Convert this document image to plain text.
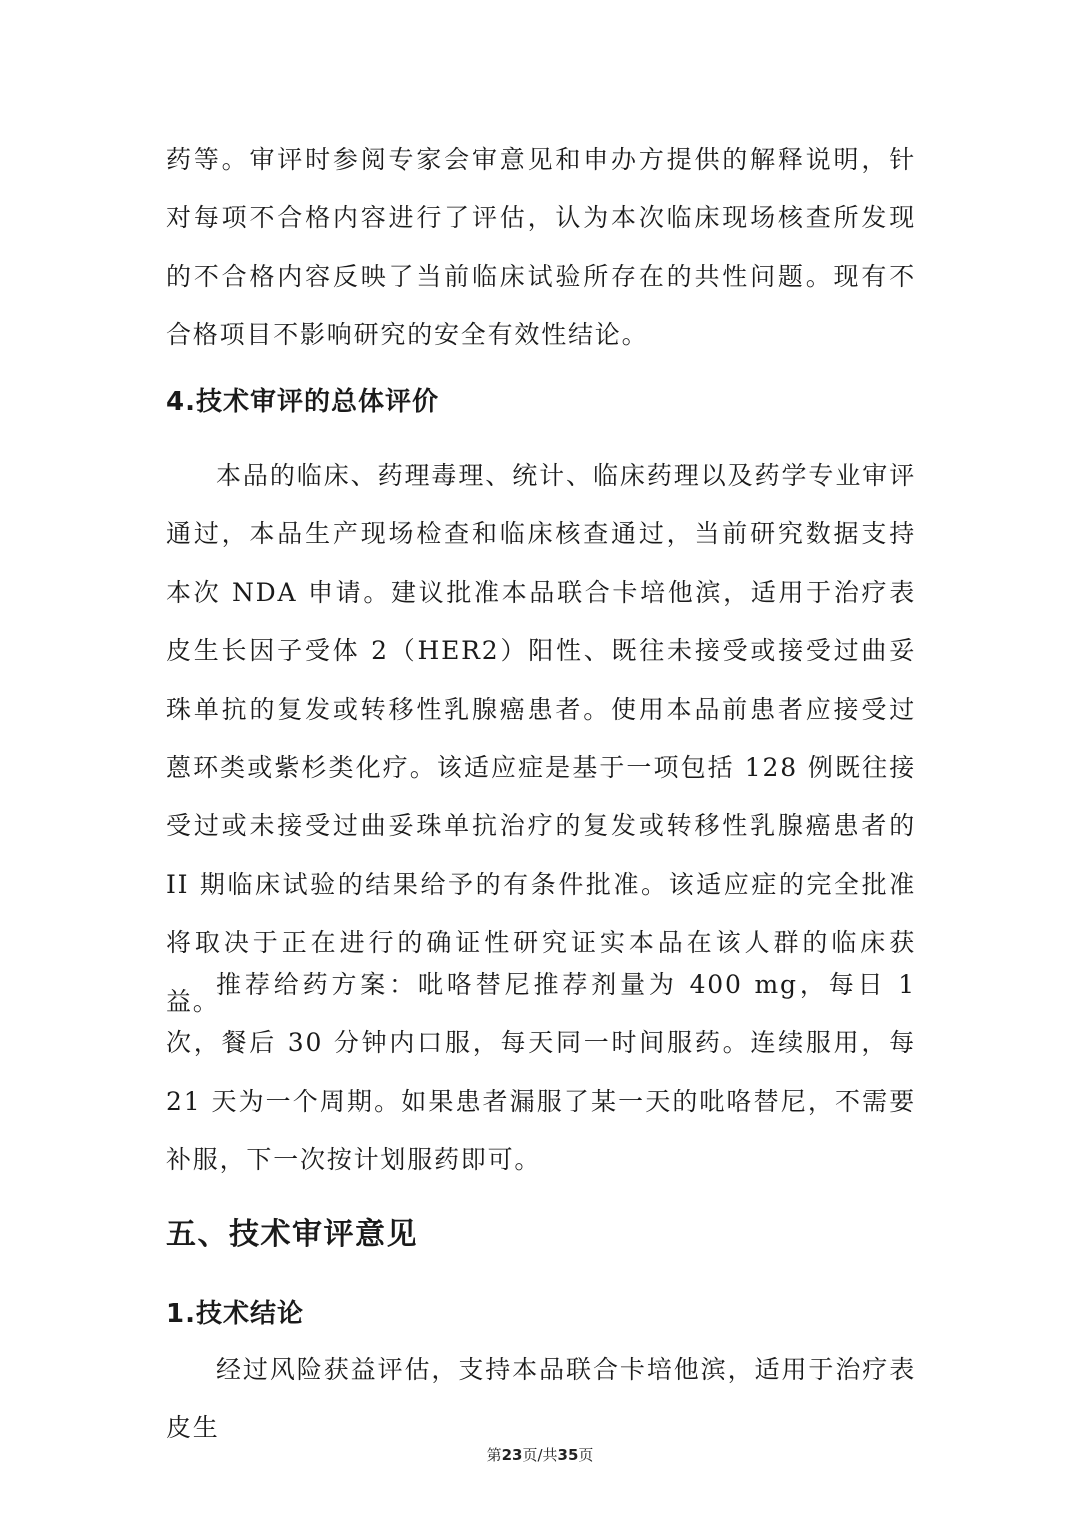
药等。审评时参阅专家会审意见和申办方提供的解释说明，针对每项不合格内容进行了评估，认为本次临床现场核查所发现的不合格内容反映了当前临床试验所存在的共性问题。现有不合格项目不影响研究的安全有效性结论。

4.技术审评的总体评价

本品的临床、药理毒理、统计、临床药理以及药学专业审评通过，本品生产现场检查和临床核查通过，当前研究数据支持本次 NDA 申请。建议批准本品联合卡培他滨，适用于治疗表皮生长因子受体 2（HER2）阳性、既往未接受或接受过曲妥珠单抗的复发或转移性乳腺癌患者。使用本品前患者应接受过蒽环类或紫杉类化疗。该适应症是基于一项包括 128 例既往接受过或未接受过曲妥珠单抗治疗的复发或转移性乳腺癌患者的 II 期临床试验的结果给予的有条件批准。该适应症的完全批准将取决于正在进行的确证性研究证实本品在该人群的临床获益。

推荐给药方案：吡咯替尼推荐剂量为 400 mg，每日 1 次，餐后 30 分钟内口服，每天同一时间服药。连续服用，每 21 天为一个周期。如果患者漏服了某一天的吡咯替尼，不需要补服，下一次按计划服药即可。

五、技术审评意见
1.技术结论

经过风险获益评估，支持本品联合卡培他滨，适用于治疗表皮生

第23页/共35页
